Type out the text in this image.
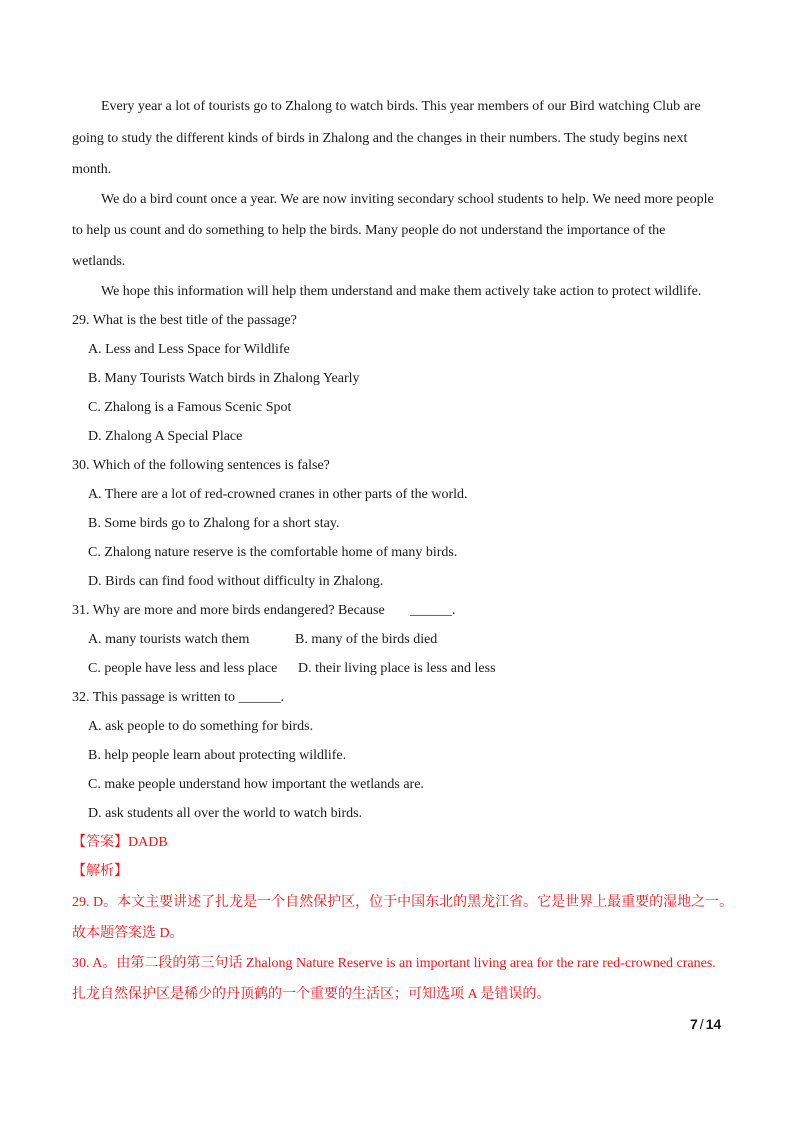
Every year a lot of tourists go to Zhalong to watch birds. This year members of our Bird watching Club are
going to study the different kinds of birds in Zhalong and the changes in their numbers. The study begins next
month.
We do a bird count once a year. We are now inviting secondary school students to help. We need more people
to help us count and do something to help the birds. Many people do not understand the importance of the
wetlands.
We hope this information will help them understand and make them actively take action to protect wildlife.
29. What is the best title of the passage?
A. Less and Less Space for Wildlife
B. Many Tourists Watch birds in Zhalong Yearly
C. Zhalong is a Famous Scenic Spot
D. Zhalong A Special Place
30. Which of the following sentences is false?
A. There are a lot of red-crowned cranes in other parts of the world.
B. Some birds go to Zhalong for a short stay.
C. Zhalong nature reserve is the comfortable home of many birds.
D. Birds can find food without difficulty in Zhalong.
31. Why are more and more birds endangered? Because ______.
A. many tourists watch them	B. many of the birds died
C. people have less and less place D. their living place is less and less
32. This passage is written to ______.
A. ask people to do something for birds.
B. help people learn about protecting wildlife.
C. make people understand how important the wetlands are.
D. ask students all over the world to watch birds.
【答案】DADB
【解析】
29. D。本文主要讲述了扎龙是一个自然保护区，位于中国东北的黑龙江省。它是世界上最重要的湿地之一。
故本题答案选 D。
30. A。由第二段的第三句话 Zhalong Nature Reserve is an important living area for the rare red-crowned cranes.
扎龙自然保护区是稀少的丹顶鹤的一个重要的生活区；可知选项 A 是错误的。
7 / 14
